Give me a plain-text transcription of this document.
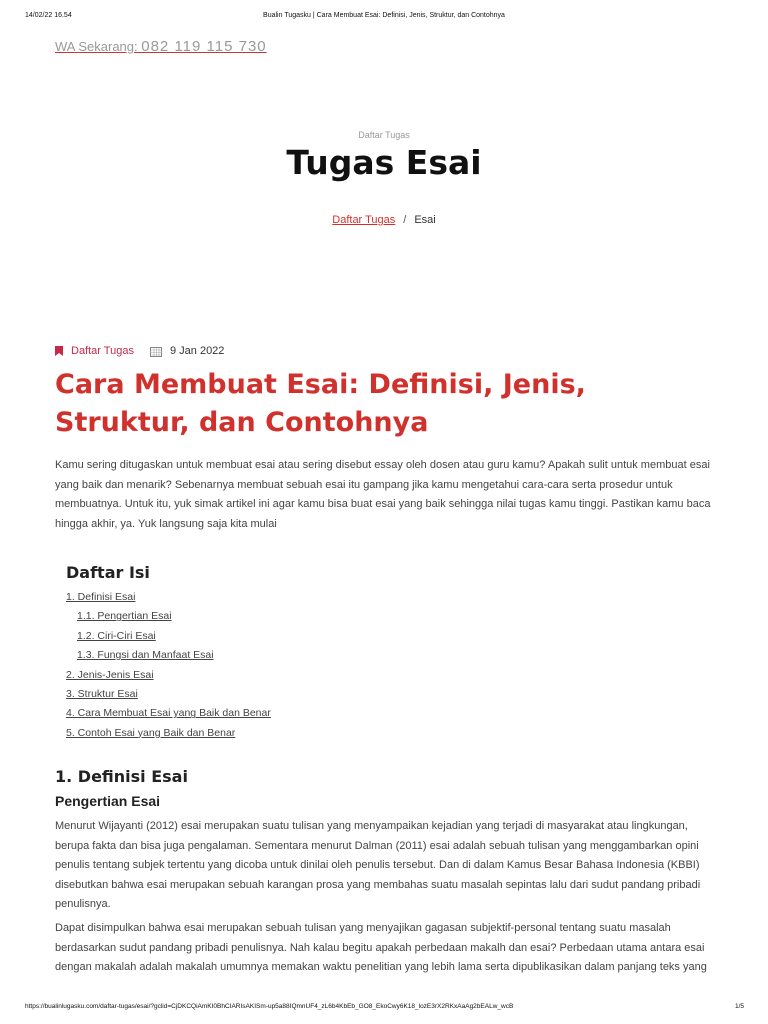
14/02/22 16.54	Bualin Tugasku | Cara Membuat Esai: Definisi, Jenis, Struktur, dan Contohnya
WA Sekarang: 082 119 115 730
Daftar Tugas
Tugas Esai
Daftar Tugas / Esai
Daftar Tugas	9 Jan 2022
Cara Membuat Esai: Definisi, Jenis, Struktur, dan Contohnya

Kamu sering ditugaskan untuk membuat esai atau sering disebut essay oleh dosen atau guru kamu? Apakah sulit untuk membuat esai yang baik dan menarik? Sebenarnya membuat sebuah esai itu gampang jika kamu mengetahui cara-cara serta prosedur untuk membuatnya. Untuk itu, yuk simak artikel ini agar kamu bisa buat esai yang baik sehingga nilai tugas kamu tinggi. Pastikan kamu baca hingga akhir, ya. Yuk langsung saja kita mulai

Daftar Isi
1. Definisi Esai
1.1. Pengertian Esai
1.2. Ciri-Ciri Esai
1.3. Fungsi dan Manfaat Esai
2. Jenis-Jenis Esai
3. Struktur Esai
4. Cara Membuat Esai yang Baik dan Benar
5. Contoh Esai yang Baik dan Benar
1. Definisi Esai
Pengertian Esai

Menurut Wijayanti (2012) esai merupakan suatu tulisan yang menyampaikan kejadian yang terjadi di masyarakat atau lingkungan, berupa fakta dan bisa juga pengalaman. Sementara menurut Dalman (2011) esai adalah sebuah tulisan yang menggambarkan opini penulis tentang subjek tertentu yang dicoba untuk dinilai oleh penulis tersebut. Dan di dalam Kamus Besar Bahasa Indonesia (KBBI) disebutkan bahwa esai merupakan sebuah karangan prosa yang membahas suatu masalah sepintas lalu dari sudut pandang pribadi penulisnya.

Dapat disimpulkan bahwa esai merupakan sebuah tulisan yang menyajikan gagasan subjektif-personal tentang suatu masalah berdasarkan sudut pandang pribadi penulisnya. Nah kalau begitu apakah perbedaan makalh dan esai? Perbedaan utama antara esai dengan makalah adalah makalah umumnya memakan waktu penelitian yang lebih lama serta dipublikasikan dalam panjang teks yang

https://bualinlugasku.com/daftar-tugas/esai/?gclid=CjDKCQiAmKI0BhCIARIsAKISm-up5a88IQmnUF4_zL6b4KbEb_GO8_EkoCwy6K18_lozE3rX2RKxAaAg2bEALw_wcB	1/5
